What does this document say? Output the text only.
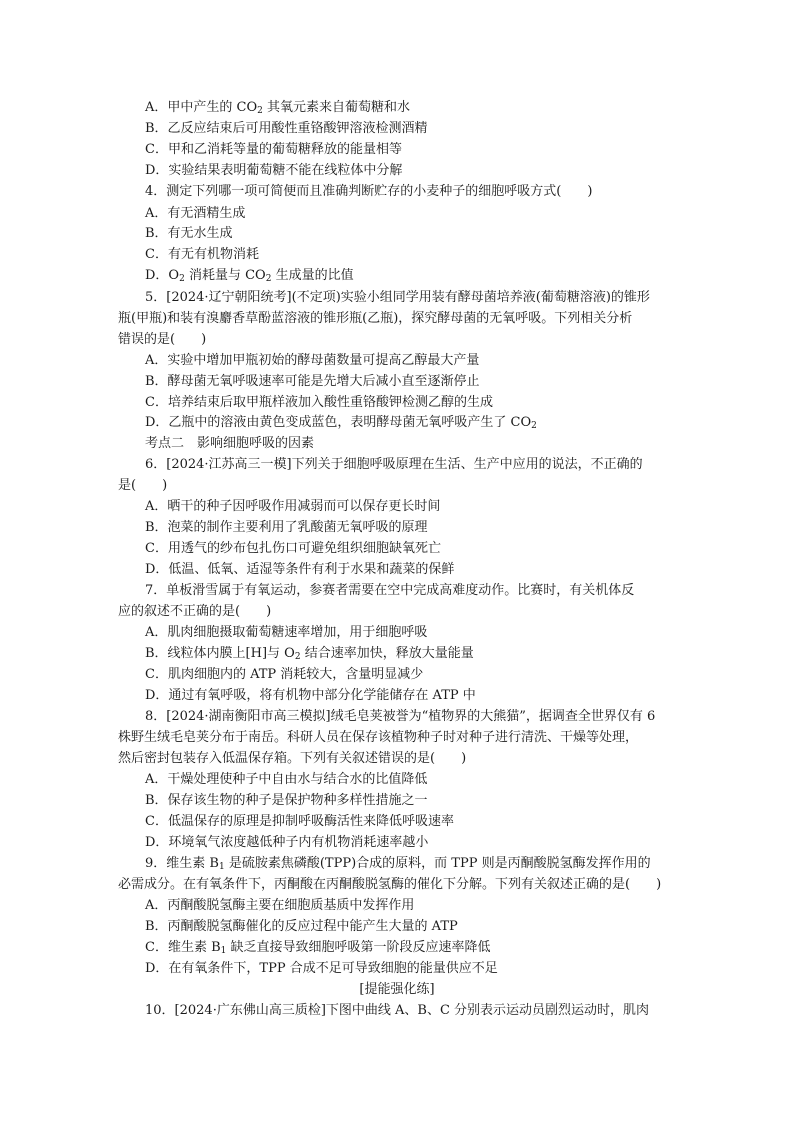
A．甲中产生的 $CO_2$ 其氧元素来自葡萄糖和水
B．乙反应结束后可用酸性重铬酸钾溶液检测酒精
C．甲和乙消耗等量的葡萄糖释放的能量相等
D．实验结果表明葡萄糖不能在线粒体中分解
4．测定下列哪一项可简便而且准确判断贮存的小麦种子的细胞呼吸方式(　　)
A．有无酒精生成
B．有无水生成
C．有无有机物消耗
D．$O_2$ 消耗量与 $CO_2$ 生成量的比值
5．[2024·辽宁朝阳统考](不定项)实验小组同学用装有酵母菌培养液(葡萄糖溶液)的锥形
瓶(甲瓶)和装有溴麝香草酚蓝溶液的锥形瓶(乙瓶)，探究酵母菌的无氧呼吸。下列相关分析
错误的是(　　)
A．实验中增加甲瓶初始的酵母菌数量可提高乙醇最大产量
B．酵母菌无氧呼吸速率可能是先增大后减小直至逐渐停止
C．培养结束后取甲瓶样液加入酸性重铬酸钾检测乙醇的生成
D．乙瓶中的溶液由黄色变成蓝色，表明酵母菌无氧呼吸产生了 $CO_2$
考点二　影响细胞呼吸的因素
6．[2024·江苏高三一模]下列关于细胞呼吸原理在生活、生产中应用的说法，不正确的
是(　　)
A．晒干的种子因呼吸作用减弱而可以保存更长时间
B．泡菜的制作主要利用了乳酸菌无氧呼吸的原理
C．用透气的纱布包扎伤口可避免组织细胞缺氧死亡
D．低温、低氧、适湿等条件有利于水果和蔬菜的保鲜
7．单板滑雪属于有氧运动，参赛者需要在空中完成高难度动作。比赛时，有关机体反
应的叙述不正确的是(　　)
A．肌肉细胞摄取葡萄糖速率增加，用于细胞呼吸
B．线粒体内膜上[H]与 $O_2$ 结合速率加快，释放大量能量
C．肌肉细胞内的 ATP 消耗较大，含量明显减少
D．通过有氧呼吸，将有机物中部分化学能储存在 ATP 中
8．[2024·湖南衡阳市高三模拟]绒毛皂荚被誉为“植物界的大熊猫”，据调查全世界仅有 6
株野生绒毛皂荚分布于南岳。科研人员在保存该植物种子时对种子进行清洗、干燥等处理，
然后密封包装存入低温保存箱。下列有关叙述错误的是(　　)
A．干燥处理使种子中自由水与结合水的比值降低
B．保存该生物的种子是保护物种多样性措施之一
C．低温保存的原理是抑制呼吸酶活性来降低呼吸速率
D．环境氧气浓度越低种子内有机物消耗速率越小
9．维生素 $B_1$ 是硫胺素焦磷酸(TPP)合成的原料，而 TPP 则是丙酮酸脱氢酶发挥作用的
必需成分。在有氧条件下，丙酮酸在丙酮酸脱氢酶的催化下分解。下列有关叙述正确的是(　　)
A．丙酮酸脱氢酶主要在细胞质基质中发挥作用
B．丙酮酸脱氢酶催化的反应过程中能产生大量的 ATP
C．维生素 $B_1$ 缺乏直接导致细胞呼吸第一阶段反应速率降低
D．在有氧条件下，TPP 合成不足可导致细胞的能量供应不足
[提能强化练]
10．[2024·广东佛山高三质检]下图中曲线 A、B、C 分别表示运动员剧烈运动时，肌肉
